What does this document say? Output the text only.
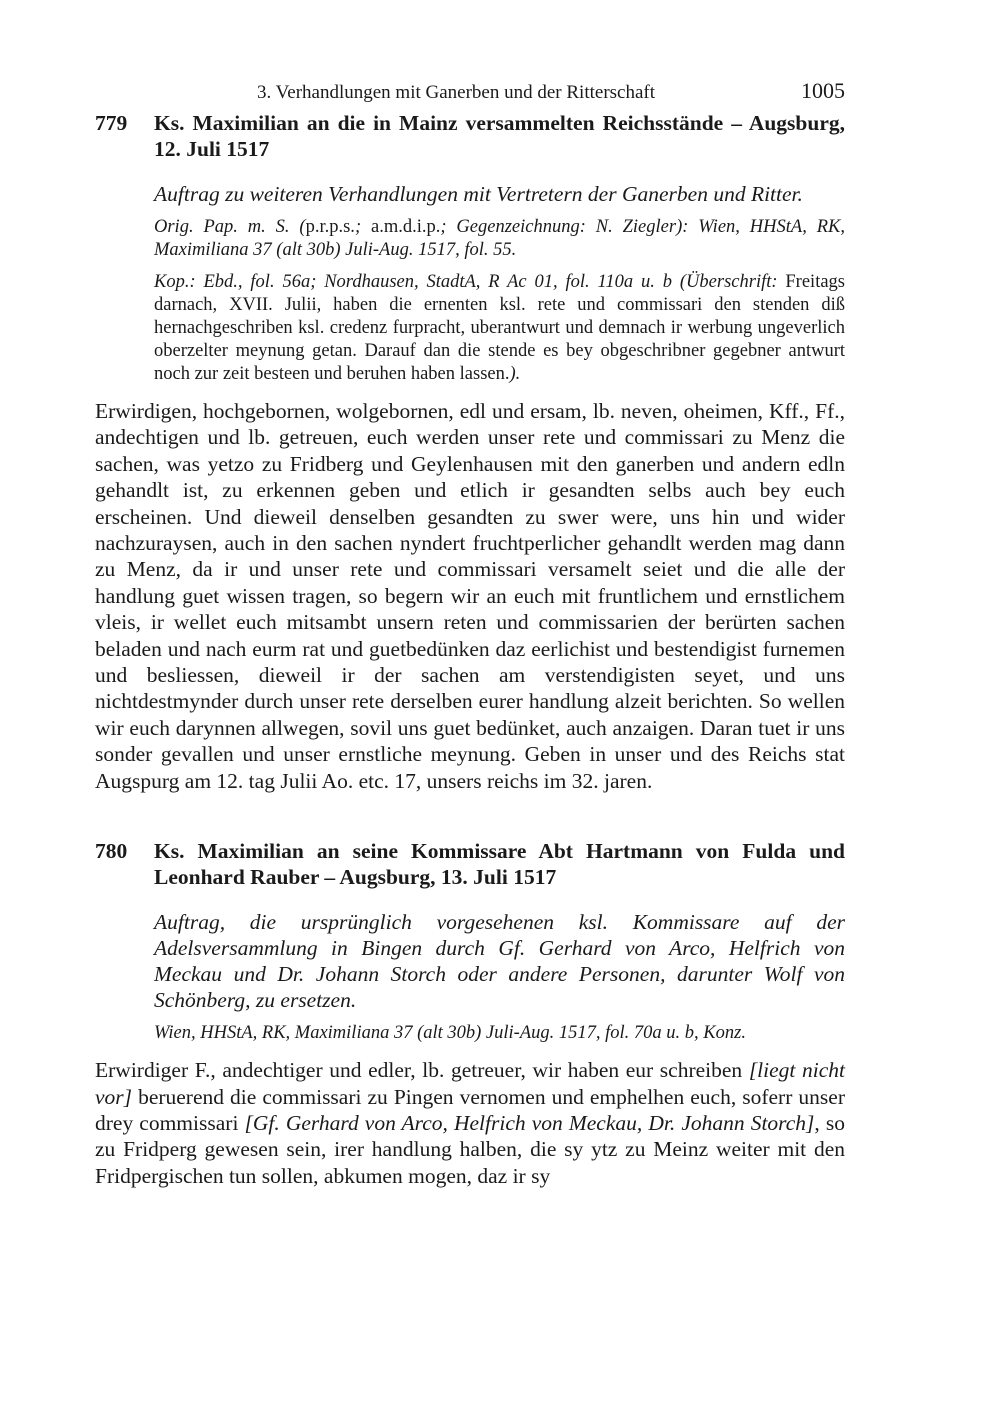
3. Verhandlungen mit Ganerben und der Ritterschaft	1005
779	Ks. Maximilian an die in Mainz versammelten Reichsstände – Augsburg, 12. Juli 1517
Auftrag zu weiteren Verhandlungen mit Vertretern der Ganerben und Ritter.
Orig. Pap. m. S. (p.r.p.s.; a.m.d.i.p.; Gegenzeichnung: N. Ziegler): Wien, HHStA, RK, Maximiliana 37 (alt 30b) Juli-Aug. 1517, fol. 55.
Kop.: Ebd., fol. 56a; Nordhausen, StadtA, R Ac 01, fol. 110a u. b (Überschrift: Freitags darnach, XVII. Julii, haben die ernenten ksl. rete und commissari den stenden diß hernachgeschriben ksl. credenz furpracht, uberantwurt und demnach ir werbung ungeverlich oberzelter meynung getan. Darauf dan die stende es bey obgeschribner gegebner antwurt noch zur zeit besteen und beruhen haben lassen.).
Erwirdigen, hochgebornen, wolgebornen, edl und ersam, lb. neven, oheimen, Kff., Ff., andechtigen und lb. getreuen, euch werden unser rete und commissari zu Menz die sachen, was yetzo zu Fridberg und Geylenhausen mit den ganerben und andern edln gehandlt ist, zu erkennen geben und etlich ir gesandten selbs auch bey euch erscheinen. Und dieweil denselben gesandten zu swer were, uns hin und wider nachzuraysen, auch in den sachen nyndert fruchtperlicher gehandlt werden mag dann zu Menz, da ir und unser rete und commissari versamelt seiet und die alle der handlung guet wissen tragen, so begern wir an euch mit fruntlichem und ernstlichem vleis, ir wellet euch mitsambt unsern reten und commissarien der berürten sachen beladen und nach eurm rat und guetbedünken daz eerlichist und bestendigist furnemen und besliessen, dieweil ir der sachen am verstendigisten seyet, und uns nichtdestmynder durch unser rete derselben eurer handlung alzeit berichten. So wellen wir euch darynnen allwegen, sovil uns guet bedünket, auch anzaigen. Daran tuet ir uns sonder gevallen und unser ernstliche meynung. Geben in unser und des Reichs stat Augspurg am 12. tag Julii Ao. etc. 17, unsers reichs im 32. jaren.
780	Ks. Maximilian an seine Kommissare Abt Hartmann von Fulda und Leonhard Rauber – Augsburg, 13. Juli 1517
Auftrag, die ursprünglich vorgesehenen ksl. Kommissare auf der Adelsversammlung in Bingen durch Gf. Gerhard von Arco, Helfrich von Meckau und Dr. Johann Storch oder andere Personen, darunter Wolf von Schönberg, zu ersetzen.
Wien, HHStA, RK, Maximiliana 37 (alt 30b) Juli-Aug. 1517, fol. 70a u. b, Konz.
Erwirdiger F., andechtiger und edler, lb. getreuer, wir haben eur schreiben [liegt nicht vor] beruerend die commissari zu Pingen vernomen und emphelhen euch, soferr unser drey commissari [Gf. Gerhard von Arco, Helfrich von Meckau, Dr. Johann Storch], so zu Fridperg gewesen sein, irer handlung halben, die sy ytz zu Meinz weiter mit den Fridpergischen tun sollen, abkumen mogen, daz ir sy
